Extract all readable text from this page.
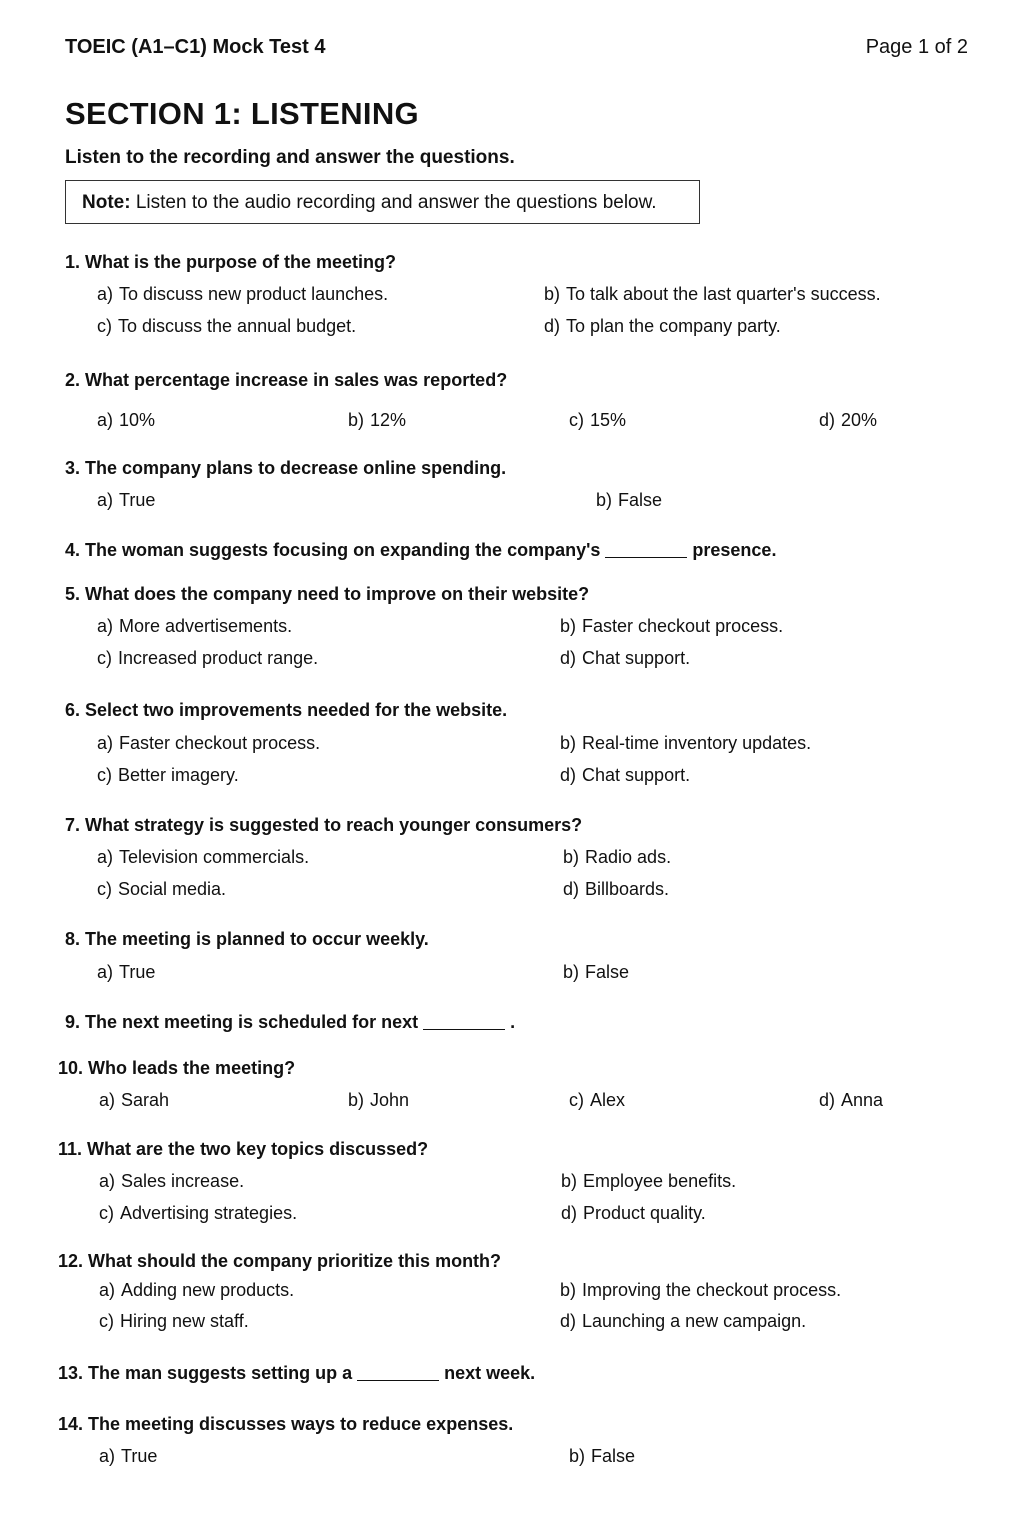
TOEIC (A1–C1) Mock Test 4	Page 1 of 2
SECTION 1: LISTENING
Listen to the recording and answer the questions.
Note: Listen to the audio recording and answer the questions below.
1. What is the purpose of the meeting?
a) To discuss new product launches.	b) To talk about the last quarter's success.
c) To discuss the annual budget.	d) To plan the company party.
2. What percentage increase in sales was reported?
a) 10%	b) 12%	c) 15%	d) 20%
3. The company plans to decrease online spending.
a) True	b) False
4. The woman suggests focusing on expanding the company's	presence.
5. What does the company need to improve on their website?
a) More advertisements.	b) Faster checkout process.
c) Increased product range.	d) Chat support.
6. Select two improvements needed for the website.
a) Faster checkout process.	b) Real-time inventory updates.
c) Better imagery.	d) Chat support.
7. What strategy is suggested to reach younger consumers?
a) Television commercials.	b) Radio ads.
c) Social media.	d) Billboards.
8. The meeting is planned to occur weekly.
a) True	b) False
9. The next meeting is scheduled for next	.
10. Who leads the meeting?
a) Sarah	b) John	c) Alex	d) Anna
11. What are the two key topics discussed?
a) Sales increase.	b) Employee benefits.
c) Advertising strategies.	d) Product quality.
12. What should the company prioritize this month?
a) Adding new products.	b) Improving the checkout process.
c) Hiring new staff.	d) Launching a new campaign.
13. The man suggests setting up a	next week.
14. The meeting discusses ways to reduce expenses.
a) True	b) False
